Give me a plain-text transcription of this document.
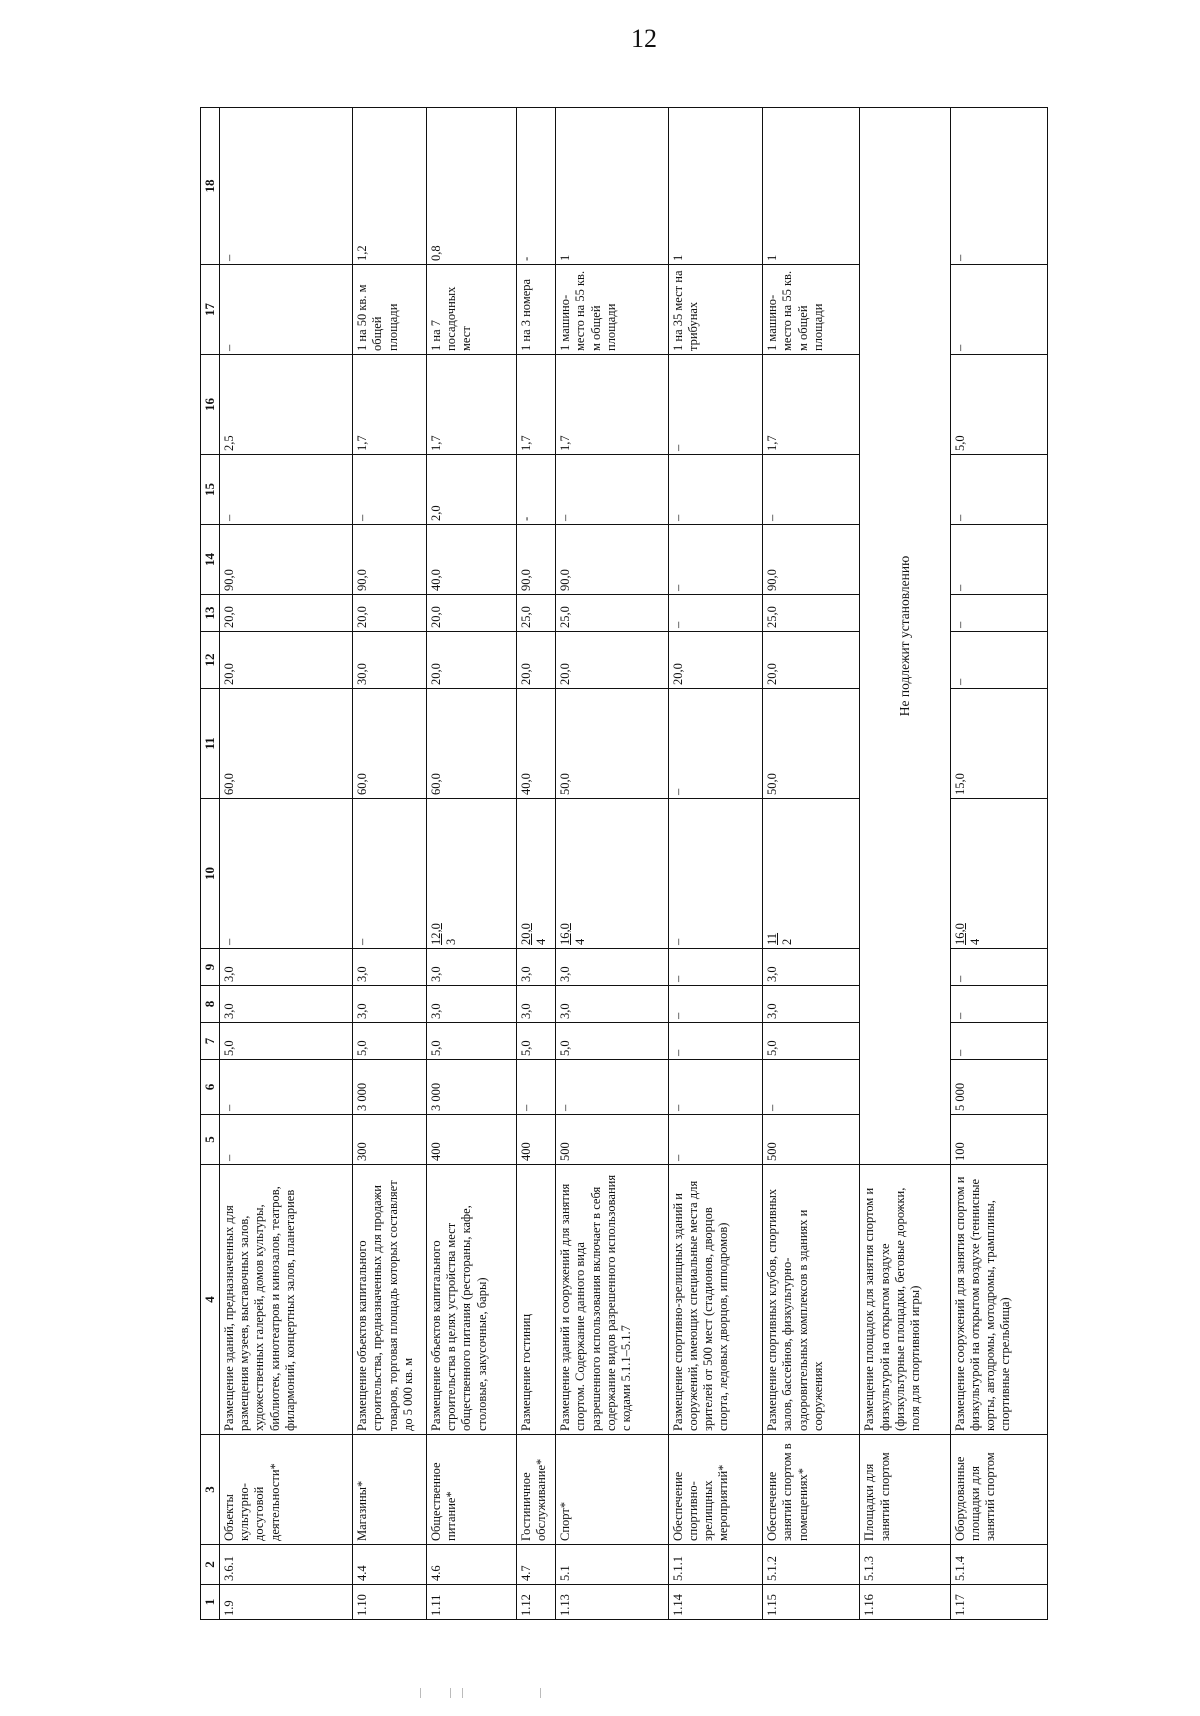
12
1	2	3	4	5	6	7	8	9	10	11	12	13	14	15	16	17	18
1.9	3.6.1	Объекты культурно-досуговой деятельности*	Размещение зданий, предназначенных для размещения музеев, выставочных залов, художественных галерей, домов культуры, библиотек, кинотеатров и кинозалов, театров, филармоний, концертных залов, планетариев	–	–	5,0	3,0	3,0	–	60,0	20,0	20,0	90,0	–	2,5	–	–
1.10	4.4	Магазины*	Размещение объектов капитального строительства, предназначенных для продажи товаров, торговая площадь которых составляет до 5 000 кв. м	300	3 000	5,0	3,0	3,0	–	60,0	30,0	20,0	90,0	–	1,7	1 на 50 кв. м общей площади	1,2
1.11	4.6	Общественное питание*	Размещение объектов капитального строительства в целях устройства мест общественного питания (рестораны, кафе, столовые, закусочные, бары)	400	3 000	5,0	3,0	3,0	12,0 3	60,0	20,0	20,0	40,0	2,0	1,7	1 на 7 посадочных мест	0,8
1.12	4.7	Гостиничное обслуживание*	Размещение гостиниц	400	–	5,0	3,0	3,0	20,0 4	40,0	20,0	25,0	90,0	-	1,7	1 на 3 номера	-
1.13	5.1	Спорт*	Размещение зданий и сооружений для занятия спортом. Содержание данного вида разрешенного использования включает в себя содержание видов разрешенного использования с кодами 5.1.1–5.1.7	500	–	5,0	3,0	3,0	16,0 4	50,0	20,0	25,0	90,0	–	1,7	1 машино-место на 55 кв. м общей площади	1
1.14	5.1.1	Обеспечение спортивно-зрелищных мероприятий*	Размещение спортивно-зрелищных зданий и сооружений, имеющих специальные места для зрителей от 500 мест (стадионов, дворцов спорта, ледовых дворцов, ипподромов)	–	–	–	–	–	–	–	20,0	–	–	–	–	1 на 35 мест на трибунах	1
1.15	5.1.2	Обеспечение занятий спортом в помещениях*	Размещение спортивных клубов, спортивных залов, бассейнов, физкультурно-оздоровительных комплексов в зданиях и сооружениях	500	–	5,0	3,0	3,0	11 2	50,0	20,0	25,0	90,0	–	1,7	1 машино-место на 55 кв. м общей площади	1
1.16	5.1.3	Площадки для занятий спортом	Размещение площадок для занятия спортом и физкультурой на открытом воздухе (физкультурные площадки, беговые дорожки, поля для спортивной игры)	Не подлежит установлению													
1.17	5.1.4	Оборудованные площадки для занятий спортом	Размещение сооружений для занятия спортом и физкультурой на открытом воздухе (теннисные корты, автодромы, мотодромы, трамплины, спортивные стрельбища)	100	5 000	–	–	–	16,0 4	15,0	–	–	–	–	5,0	–	–
